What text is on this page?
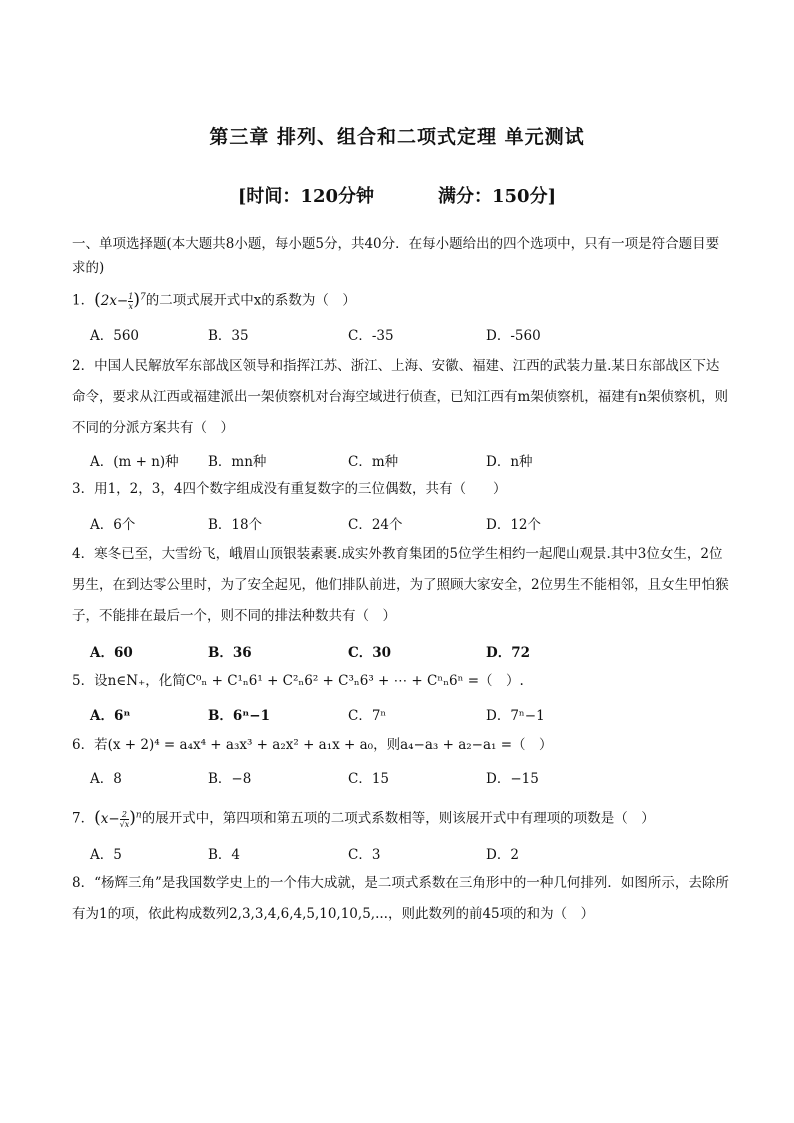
第三章 排列、组合和二项式定理 单元测试
[时间：120分钟	满分：150分]
一、单项选择题(本大题共8小题，每小题5分，共40分．在每小题给出的四个选项中，只有一项是符合题目要求的)
1．$(2x- \frac{1}{x} )^7$的二项式展开式中x的系数为（　）
A．560	B．35	C．-35	D．-560
2．中国人民解放军东部战区领导和指挥江苏、浙江、上海、安徽、福建、江西的武装力量.某日东部战区下达命令，要求从江西或福建派出一架侦察机对台海空域进行侦查，已知江西有m架侦察机，福建有n架侦察机，则不同的分派方案共有（　）
A．(m + n)种 B．mn种	C．m种	D．n种
3．用1，2，3，4四个数字组成没有重复数字的三位偶数，共有（　　）
A．6个	B．18个	C．24个	D．12个
4．寒冬已至，大雪纷飞，峨眉山顶银装素裹.成实外教育集团的5位学生相约一起爬山观景.其中3位女生，2位男生，在到达零公里时，为了安全起见，他们排队前进，为了照顾大家安全，2位男生不能相邻，且女生甲怕猴子，不能排在最后一个，则不同的排法种数共有（　）
A．60	B．36	C．30	D．72
5．设n∈N₊，化简C⁰ₙ + C¹ₙ6¹ + C²ₙ6² + C³ₙ6³ + ⋯ + Cⁿₙ6ⁿ =（　）.
A．6ⁿ	B．6ⁿ−1	C．7ⁿ	D．7ⁿ−1
6．若(x + 2)⁴ = a₄x⁴ + a₃x³ + a₂x² + a₁x + a₀，则a₄−a₃ + a₂−a₁ =（　）
A．8	B．−8	C．15	D．−15
7．$(x- \frac{2}{√x} )^n$的展开式中，第四项和第五项的二项式系数相等，则该展开式中有理项的项数是（　）
A．5	B．4	C．3	D．2
8．“杨辉三角”是我国数学史上的一个伟大成就，是二项式系数在三角形中的一种几何排列．如图所示，去除所有为1的项，依此构成数列2,3,3,4,6,4,5,10,10,5,...，则此数列的前45项的和为（　）
